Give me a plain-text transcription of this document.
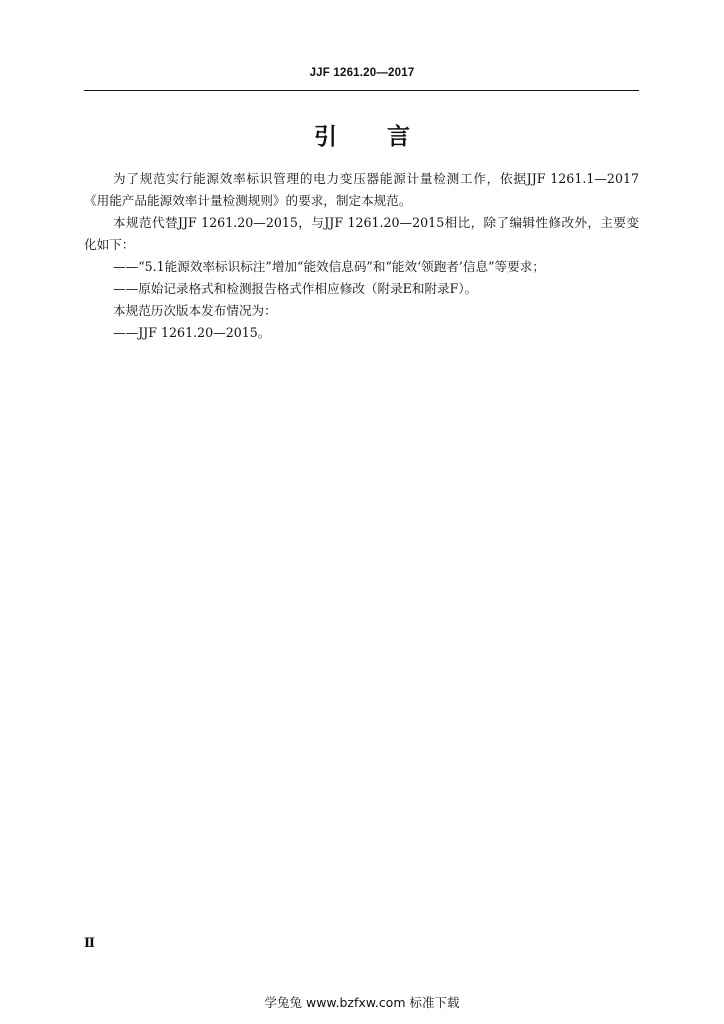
JJF 1261.20—2017
引言

为了规范实行能源效率标识管理的电力变压器能源计量检测工作，依据JJF 1261.1—2017《用能产品能源效率计量检测规则》的要求，制定本规范。

本规范代替JJF 1261.20—2015，与JJF 1261.20—2015相比，除了编辑性修改外，主要变化如下：

——“5.1能源效率标识标注”增加“能效信息码”和“能效‘领跑者’信息”等要求；

——原始记录格式和检测报告格式作相应修改（附录E和附录F）。

本规范历次版本发布情况为：

——JJF 1261.20—2015。

Ⅱ
学兔兔 www.bzfxw.com 标准下载
